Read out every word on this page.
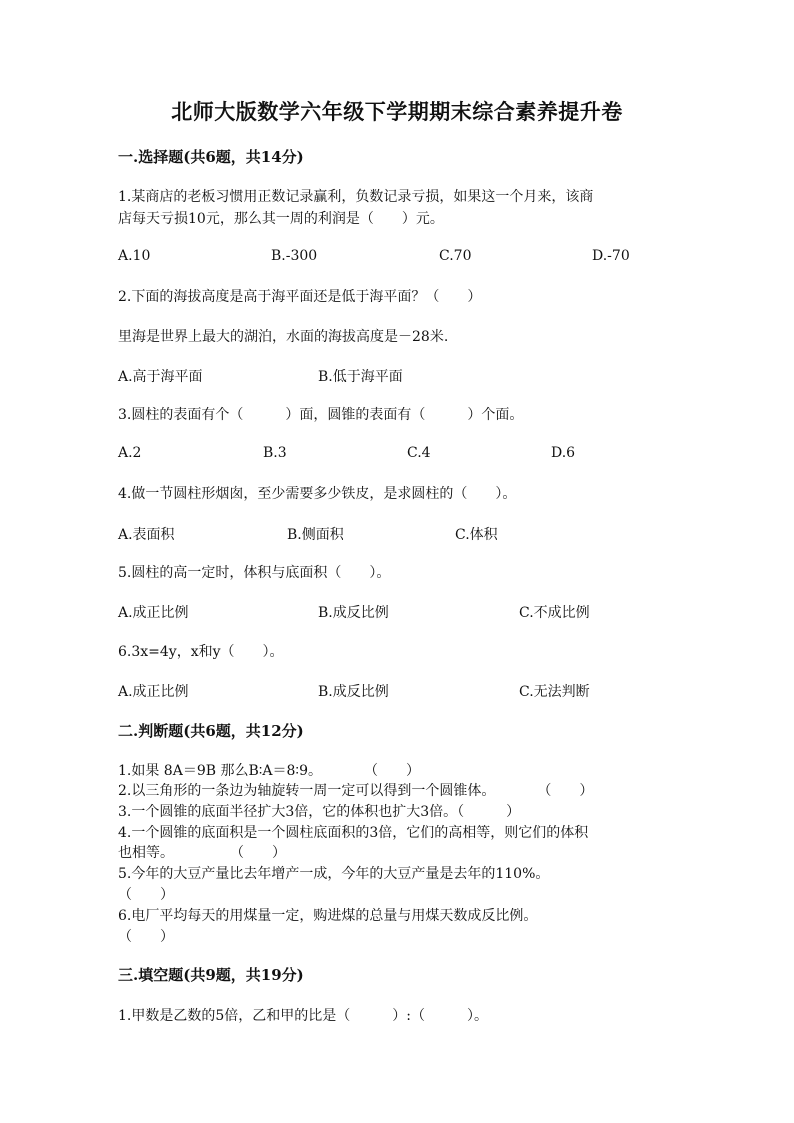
北师大版数学六年级下学期期末综合素养提升卷
一.选择题(共6题，共14分)
1.某商店的老板习惯用正数记录赢利，负数记录亏损，如果这一个月来，该商
店每天亏损10元，那么其一周的利润是（　　）元。
A.10	B.-300	C.70	D.-70
2.下面的海拔高度是高于海平面还是低于海平面？（　　）
里海是世界上最大的湖泊，水面的海拔高度是－28米.
A.高于海平面	B.低于海平面
3.圆柱的表面有个（　　　）面，圆锥的表面有（　　　）个面。
A.2	B.3	C.4	D.6
4.做一节圆柱形烟囱，至少需要多少铁皮，是求圆柱的（　　）。
A.表面积	B.侧面积	C.体积
5.圆柱的高一定时，体积与底面积（　　）。
A.成正比例	B.成反比例	C.不成比例
6.3x=4y，x和y（　　）。
A.成正比例	B.成反比例	C.无法判断
二.判断题(共6题，共12分)
1.如果 8A＝9B 那么B∶A＝8∶9。　　　　（　　）
2.以三角形的一条边为轴旋转一周一定可以得到一个圆锥体。　　　　（　　）
3.一个圆锥的底面半径扩大3倍，它的体积也扩大3倍。（　　　）
4.一个圆锥的底面积是一个圆柱底面积的3倍，它们的高相等，则它们的体积
也相等。　　　　　（　　）
5.今年的大豆产量比去年增产一成，今年的大豆产量是去年的110%。
（　　）
6.电厂平均每天的用煤量一定，购进煤的总量与用煤天数成反比例。
（　　）
三.填空题(共9题，共19分)
1.甲数是乙数的5倍，乙和甲的比是（　　　）:（　　　）。
